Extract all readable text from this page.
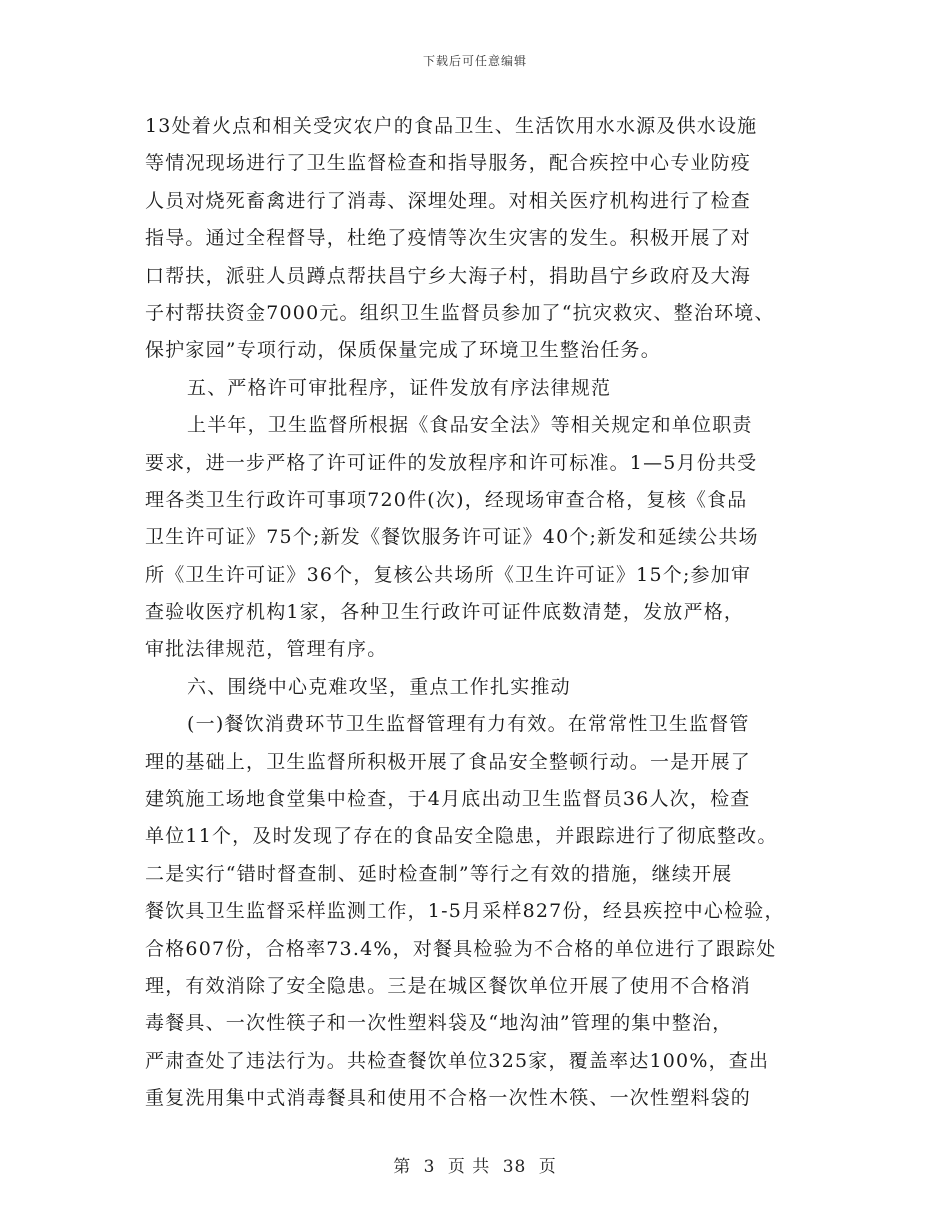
下载后可任意编辑
13处着火点和相关受灾农户的食品卫生、生活饮用水水源及供水设施
等情况现场进行了卫生监督检查和指导服务，配合疾控中心专业防疫
人员对烧死畜禽进行了消毒、深埋处理。对相关医疗机构进行了检查
指导。通过全程督导，杜绝了疫情等次生灾害的发生。积极开展了对
口帮扶，派驻人员蹲点帮扶昌宁乡大海子村，捐助昌宁乡政府及大海
子村帮扶资金7000元。组织卫生监督员参加了“抗灾救灾、整治环境、
保护家园”专项行动，保质保量完成了环境卫生整治任务。
五、严格许可审批程序，证件发放有序法律规范
上半年，卫生监督所根据《食品安全法》等相关规定和单位职责
要求，进一步严格了许可证件的发放程序和许可标准。1—5月份共受
理各类卫生行政许可事项720件(次)，经现场审查合格，复核《食品
卫生许可证》75个;新发《餐饮服务许可证》40个;新发和延续公共场
所《卫生许可证》36个，复核公共场所《卫生许可证》15个;参加审
查验收医疗机构1家，各种卫生行政许可证件底数清楚，发放严格，
审批法律规范，管理有序。
六、围绕中心克难攻坚，重点工作扎实推动
(一)餐饮消费环节卫生监督管理有力有效。在常常性卫生监督管
理的基础上，卫生监督所积极开展了食品安全整顿行动。一是开展了
建筑施工场地食堂集中检查，于4月底出动卫生监督员36人次，检查
单位11个，及时发现了存在的食品安全隐患，并跟踪进行了彻底整改。
二是实行“错时督查制、延时检查制”等行之有效的措施，继续开展
餐饮具卫生监督采样监测工作，1-5月采样827份，经县疾控中心检验，
合格607份，合格率73.4%，对餐具检验为不合格的单位进行了跟踪处
理，有效消除了安全隐患。三是在城区餐饮单位开展了使用不合格消
毒餐具、一次性筷子和一次性塑料袋及“地沟油”管理的集中整治，
严肃查处了违法行为。共检查餐饮单位325家，覆盖率达100%，查出
重复洗用集中式消毒餐具和使用不合格一次性木筷、一次性塑料袋的
第 3 页 共 38 页
